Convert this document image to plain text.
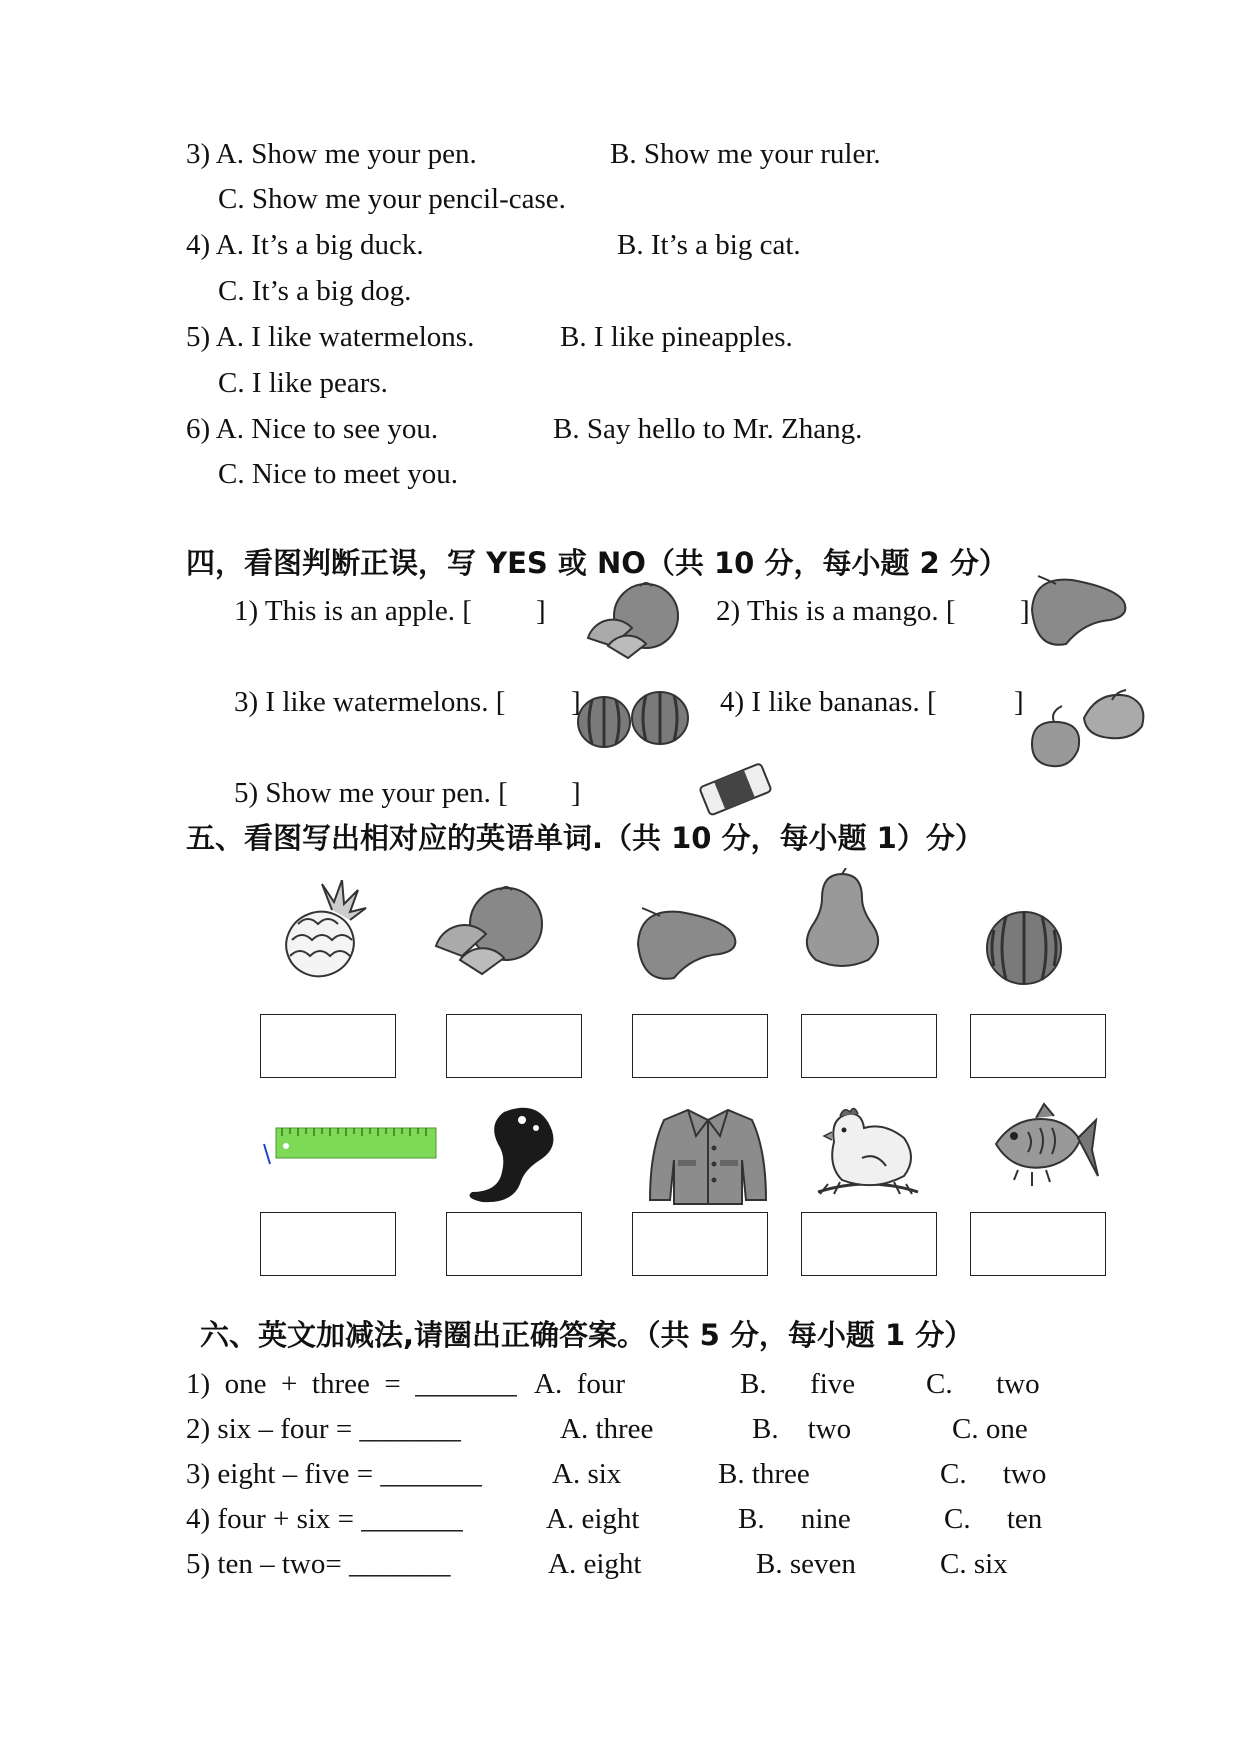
3) A. Show me your pen.	B. Show me your ruler.
C. Show me your pencil-case.
4) A. It’s a big duck.	B. It’s a big cat.
C. It’s a big dog.
5) A. I like watermelons.	B. I like pineapples.
C. I like pears.
6) A. Nice to see you.	B. Say hello to Mr. Zhang.
C. Nice to meet you.
四，看图判断正误，写 YES 或 NO（共 10 分，每小题 2 分）
1) This is an apple. [ ]	2) This is a mango. [ ]
3) I like watermelons. [ ]	4) I like bananas. [	]
5) Show me your pen. [ ]
五、看图写出相对应的英语单词.（共 10 分，每小题 1）分）
六、英文加减法,请圈出正确答案。（共 5 分，每小题 1 分）
1)  one  +  three  =  _______ A.  four	B.      five C.      two
2) six – four = _______	A. three	B.    two	C. one
3) eight – five = _______ A. six	B. three	C.     two
4) four + six = _______	A. eight	B.     nine	C.     ten
5) ten – two= _______	A. eight	B. seven	C. six
